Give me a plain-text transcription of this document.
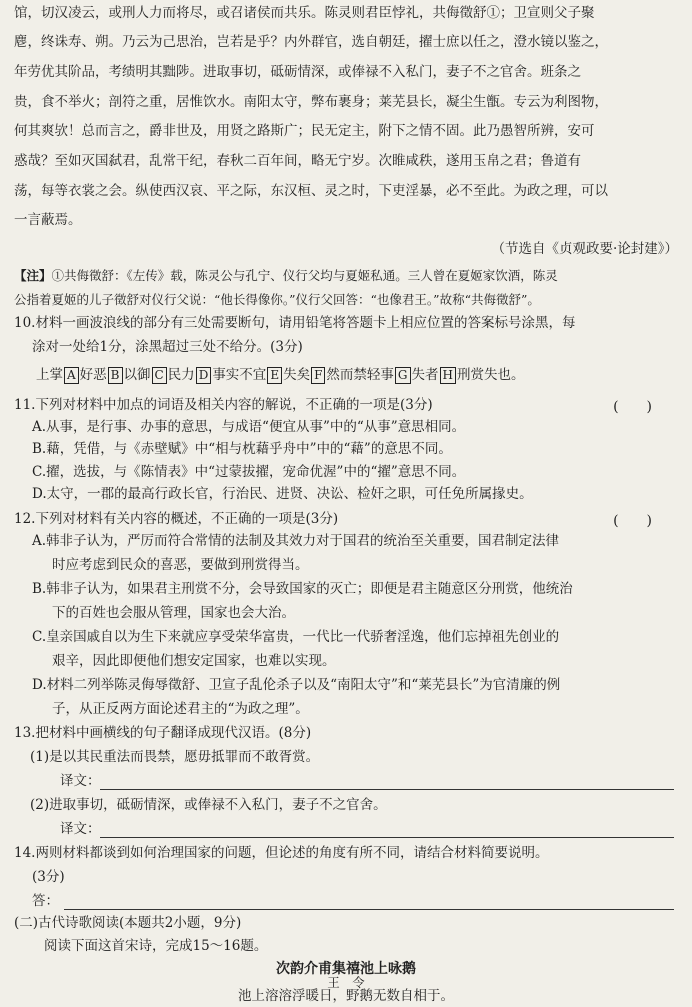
馆，切汉凌云，或刑人力而将尽，或召诸侯而共乐。陈灵则君臣悖礼，共侮徵舒①；卫宣则父子聚
麀，终诛寿、朔。乃云为己思治，岂若是乎？内外群官，选自朝廷，擢士庶以任之，澄水镜以鉴之，
年劳优其阶品，考绩明其黜陟。进取事切，砥砺情深，或俸禄不入私门，妻子不之官舍。班条之
贵，食不举火；剖符之重，居惟饮水。南阳太守，弊布裹身；莱芜县长，凝尘生甑。专云为利图物，
何其爽欤！总而言之，爵非世及，用贤之路斯广；民无定主，附下之情不固。此乃愚智所辨，安可
惑哉？至如灭国弑君，乱常干纪，春秋二百年间，略无宁岁。次睢咸秩，遂用玉帛之君；鲁道有
荡，每等衣裳之会。纵使西汉哀、平之际，东汉桓、灵之时，下吏淫暴，必不至此。为政之理，可以
一言蔽焉。
（节选自《贞观政要·论封建》）
【注】①共侮徵舒：《左传》载，陈灵公与孔宁、仪行父均与夏姬私通。三人曾在夏姬家饮酒，陈灵
公指着夏姬的儿子徵舒对仪行父说：“他长得像你。”仪行父回答：“也像君王。”故称“共侮徵舒”。
10.材料一画波浪线的部分有三处需要断句，请用铅笔将答题卡上相应位置的答案标号涂黑，每
涂对一处给1分，涂黑超过三处不给分。(3分)
上掌 A 好恶 B 以御 C 民力 D 事实不宜 E 失矣 F 然而禁轻事 G 失者 H 刑赏失也。
11.下列对材料中加点的词语及相关内容的解说，不正确的一项是(3分)	(　　)
A.从事，是行事、办事的意思，与成语“便宜从事”中的“从事”意思相同。
B.藉，凭借，与《赤壁赋》中“相与枕藉乎舟中”中的“藉”的意思不同。
C.擢，选拔，与《陈情表》中“过蒙拔擢，宠命优渥”中的“擢”意思不同。
D.太守，一郡的最高行政长官，行治民、进贤、决讼、检奸之职，可任免所属掾史。
12.下列对材料有关内容的概述，不正确的一项是(3分)	(　　)
A.韩非子认为，严厉而符合常情的法制及其效力对于国君的统治至关重要，国君制定法律
时应考虑到民众的喜恶，要做到刑赏得当。
B.韩非子认为，如果君主刑赏不分，会导致国家的灭亡；即便是君主随意区分刑赏，他统治
下的百姓也会服从管理，国家也会大治。
C.皇亲国戚自以为生下来就应享受荣华富贵，一代比一代骄奢淫逸，他们忘掉祖先创业的
艰辛，因此即便他们想安定国家，也难以实现。
D.材料二列举陈灵侮辱徵舒、卫宣子乱伦杀子以及“南阳太守”和“莱芜县长”为官清廉的例
子，从正反两方面论述君主的“为政之理”。
13.把材料中画横线的句子翻译成现代汉语。(8分)
(1)是以其民重法而畏禁，愿毋抵罪而不敢胥赏。
译文：
(2)进取事切，砥砺情深，或俸禄不入私门，妻子不之官舍。
译文：
14.两则材料都谈到如何治理国家的问题，但论述的角度有所不同，请结合材料简要说明。
(3分)
答：
(二)古代诗歌阅读(本题共2小题，9分)
阅读下面这首宋诗，完成15～16题。
次韵介甫集禧池上咏鹅
王　令
池上溶溶浮暖日，野鹅无数自相于。
